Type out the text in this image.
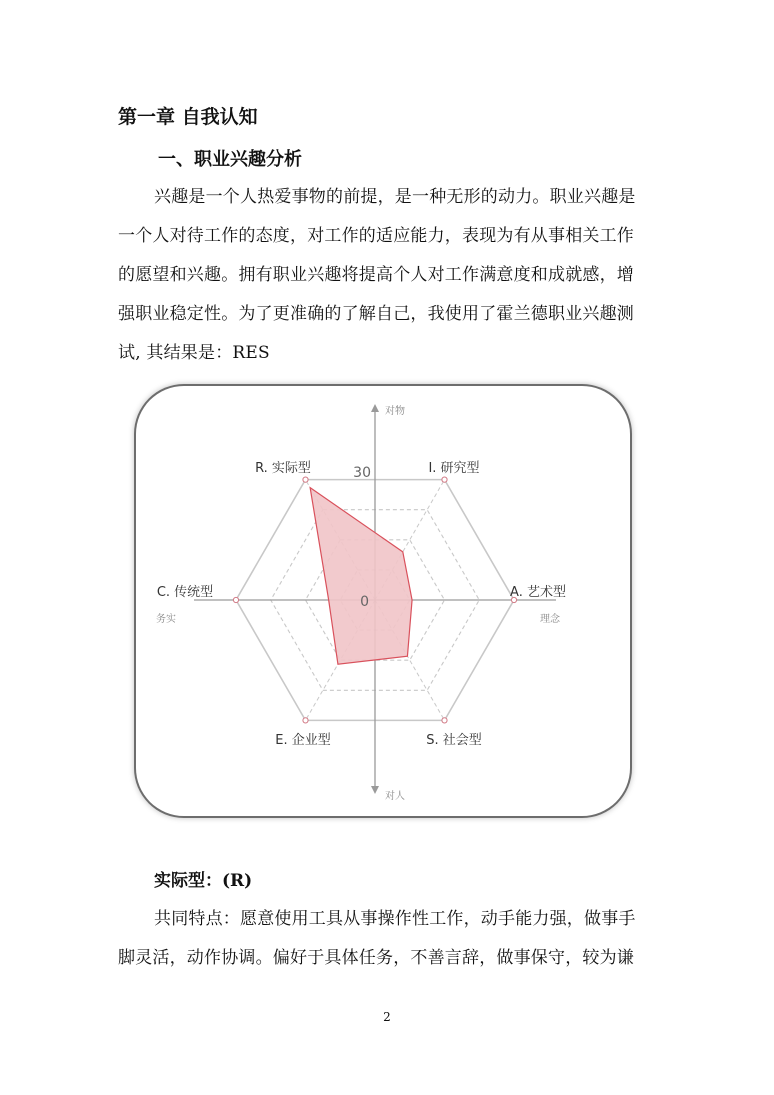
第一章 自我认知
一、职业兴趣分析
兴趣是一个人热爱事物的前提，是一种无形的动力。职业兴趣是
一个人对待工作的态度，对工作的适应能力，表现为有从事相关工作
的愿望和兴趣。拥有职业兴趣将提高个人对工作满意度和成就感，增
强职业稳定性。为了更准确的了解自己，我使用了霍兰德职业兴趣测
试, 其结果是：RES
30
0
R. 实际型	I. 研究型
A. 艺术型
S. 社会型
E. 企业型
C. 传统型
对物
对人
务实	理念
实际型：(R)
共同特点：愿意使用工具从事操作性工作，动手能力强，做事手
脚灵活，动作协调。偏好于具体任务，不善言辞，做事保守，较为谦
2
